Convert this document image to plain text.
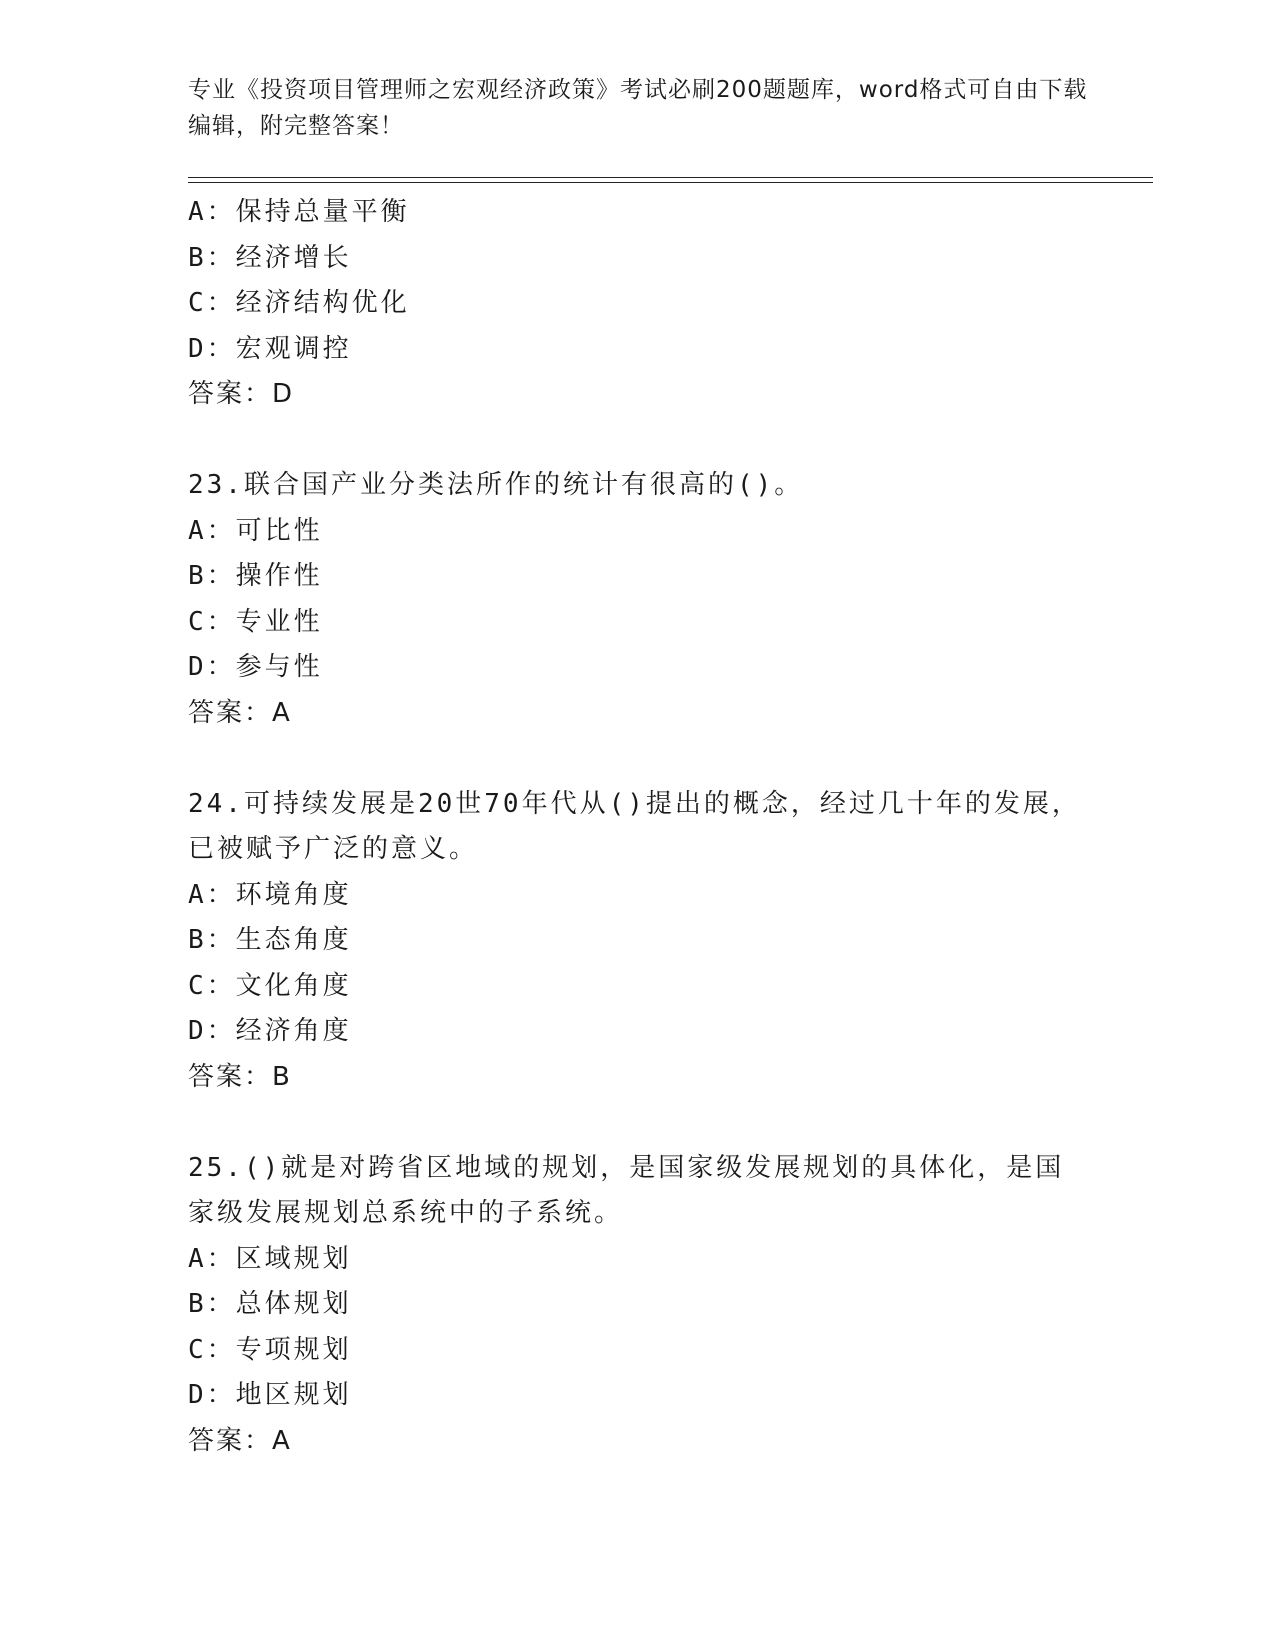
专业《投资项目管理师之宏观经济政策》考试必刷200题题库，word格式可自由下载编辑，附完整答案！
A：保持总量平衡
B：经济增长
C：经济结构优化
D：宏观调控
答案：D
23.联合国产业分类法所作的统计有很高的()。
A：可比性
B：操作性
C：专业性
D：参与性
答案：A
24.可持续发展是20世70年代从()提出的概念，经过几十年的发展，已被赋予广泛的意义。
A：环境角度
B：生态角度
C：文化角度
D：经济角度
答案：B
25.()就是对跨省区地域的规划，是国家级发展规划的具体化，是国家级发展规划总系统中的子系统。
A：区域规划
B：总体规划
C：专项规划
D：地区规划
答案：A
